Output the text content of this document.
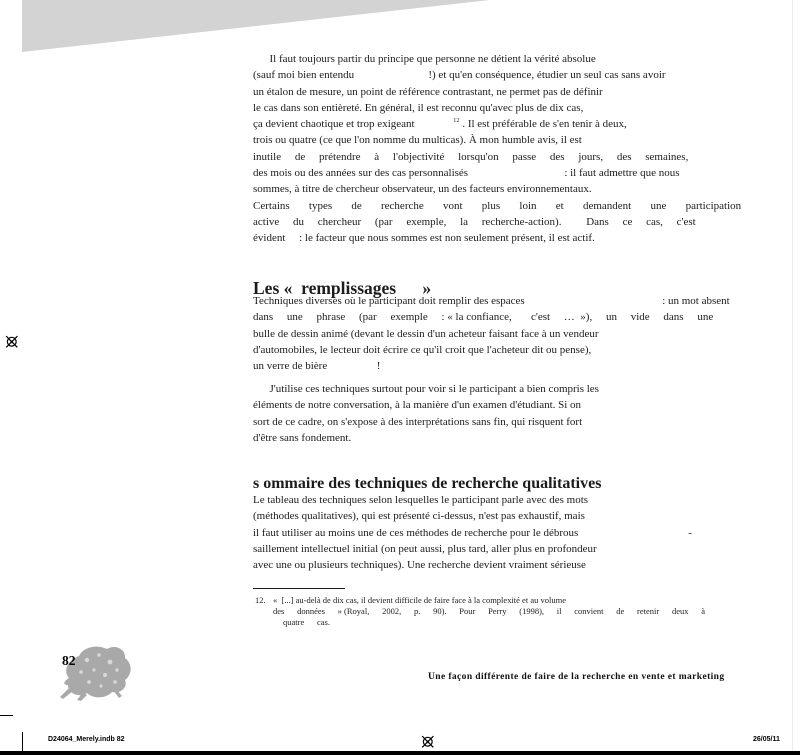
Il faut toujours partir du principe que personne ne détient la vérité absolue
(sauf moi bien entendu                           !) et qu'en conséquence, étudier un seul cas sans avoir
un étalon de mesure, un point de référence contrastant, ne permet pas de définir
le cas dans son entièreté. En général, il est reconnu qu'avec plus de dix cas,
ça devient chaotique et trop exigeant              $^{12}$ . Il est préférable de s'en tenir à deux,
trois ou quatre (ce que l'on nomme du multicas). À mon humble avis, il est
inutile     de     prétendre     à     l'objectivité     lorsqu'on     passe     des     jours,     des     semaines,
des mois ou des années sur des cas personnalisés                                   : il faut admettre que nous
sommes, à titre de chercheur observateur, un des facteurs environnementaux.
Certains       types       de       recherche       vont       plus       loin       et       demandent       une       participation
active     du     chercheur     (par     exemple,     la     recherche-action).         Dans     ce     cas,     c'est
évident     : le facteur que nous sommes est non seulement présent, il est actif.
Les «  remplissages      »
Techniques diverses où le participant doit remplir des espaces                                                  : un mot absent
dans     une     phrase     (par     exemple     : « la confiance,       c'est     …  »),     un     vide     dans     une
bulle de dessin animé (devant le dessin d'un acheteur faisant face à un vendeur
d'automobiles, le lecteur doit écrire ce qu'il croit que l'acheteur dit ou pense),
un verre de bière                  !
J'utilise ces techniques surtout pour voir si le participant a bien compris les
éléments de notre conversation, à la manière d'un examen d'étudiant. Si on
sort de ce cadre, on s'expose à des interprétations sans fin, qui risquent fort
d'être sans fondement.
s ommaire des techniques de recherche qualitatives
Le tableau des techniques selon lesquelles le participant parle avec des mots
(méthodes qualitatives), qui est présenté ci-dessus, n'est pas exhaustif, mais
il faut utiliser au moins une de ces méthodes de recherche pour le débrous                                        -
saillement intellectuel initial (on peut aussi, plus tard, aller plus en profondeur
avec une ou plusieurs techniques). Une recherche devient vraiment sérieuse
12. «  [...] au-delà de dix cas, il devient difficile de faire face à la complexité et au volume
des      données      » (Royal,      2002,      p.      90).      Pour      Perry      (1998),      il      convient      de      retenir      deux      à
quatre      cas.
82
Une façon différente de faire de la recherche en vente et marketing
D24064_Merely.indb 82	26/05/11
